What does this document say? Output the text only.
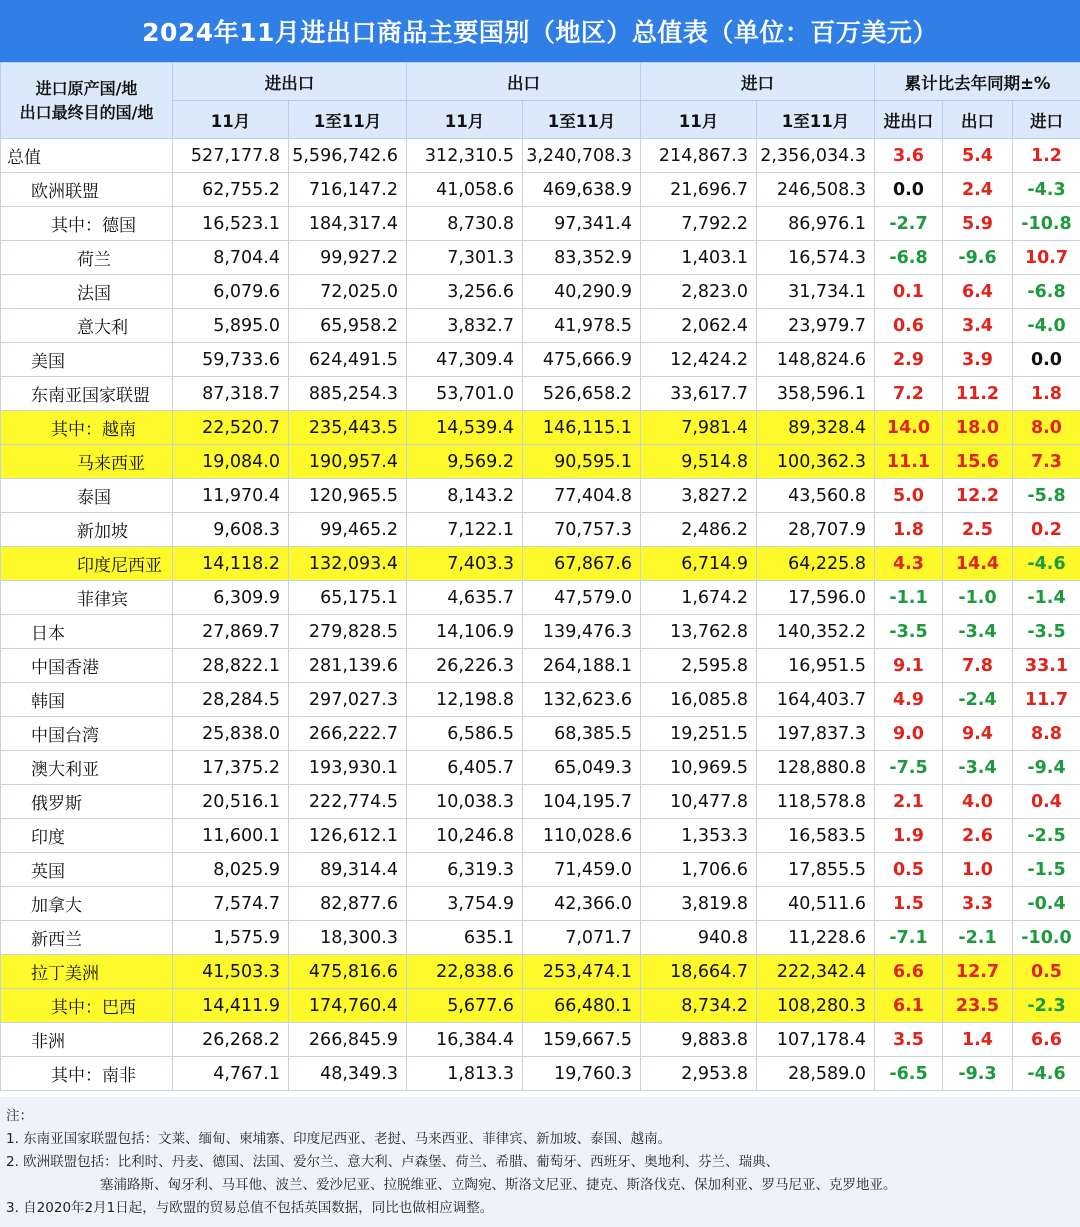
2024年11月进出口商品主要国别（地区）总值表（单位：百万美元）
进口原产国/地
出口最终目的国/地	进出口		出口		进口		累计比去年同期±%		
	11月	1至11月	11月	1至11月	11月	1至11月	进出口	出口	进口
总值	527,177.8	5,596,742.6	312,310.5	3,240,708.3	214,867.3	2,356,034.3	3.6	5.4	1.2
欧洲联盟	62,755.2	716,147.2	41,058.6	469,638.9	21,696.7	246,508.3	0.0	2.4	-4.3
其中：德国	16,523.1	184,317.4	8,730.8	97,341.4	7,792.2	86,976.1	-2.7	5.9	-10.8
荷兰	8,704.4	99,927.2	7,301.3	83,352.9	1,403.1	16,574.3	-6.8	-9.6	10.7
法国	6,079.6	72,025.0	3,256.6	40,290.9	2,823.0	31,734.1	0.1	6.4	-6.8
意大利	5,895.0	65,958.2	3,832.7	41,978.5	2,062.4	23,979.7	0.6	3.4	-4.0
美国	59,733.6	624,491.5	47,309.4	475,666.9	12,424.2	148,824.6	2.9	3.9	0.0
东南亚国家联盟	87,318.7	885,254.3	53,701.0	526,658.2	33,617.7	358,596.1	7.2	11.2	1.8
其中：越南	22,520.7	235,443.5	14,539.4	146,115.1	7,981.4	89,328.4	14.0	18.0	8.0
马来西亚	19,084.0	190,957.4	9,569.2	90,595.1	9,514.8	100,362.3	11.1	15.6	7.3
泰国	11,970.4	120,965.5	8,143.2	77,404.8	3,827.2	43,560.8	5.0	12.2	-5.8
新加坡	9,608.3	99,465.2	7,122.1	70,757.3	2,486.2	28,707.9	1.8	2.5	0.2
印度尼西亚	14,118.2	132,093.4	7,403.3	67,867.6	6,714.9	64,225.8	4.3	14.4	-4.6
菲律宾	6,309.9	65,175.1	4,635.7	47,579.0	1,674.2	17,596.0	-1.1	-1.0	-1.4
日本	27,869.7	279,828.5	14,106.9	139,476.3	13,762.8	140,352.2	-3.5	-3.4	-3.5
中国香港	28,822.1	281,139.6	26,226.3	264,188.1	2,595.8	16,951.5	9.1	7.8	33.1
韩国	28,284.5	297,027.3	12,198.8	132,623.6	16,085.8	164,403.7	4.9	-2.4	11.7
中国台湾	25,838.0	266,222.7	6,586.5	68,385.5	19,251.5	197,837.3	9.0	9.4	8.8
澳大利亚	17,375.2	193,930.1	6,405.7	65,049.3	10,969.5	128,880.8	-7.5	-3.4	-9.4
俄罗斯	20,516.1	222,774.5	10,038.3	104,195.7	10,477.8	118,578.8	2.1	4.0	0.4
印度	11,600.1	126,612.1	10,246.8	110,028.6	1,353.3	16,583.5	1.9	2.6	-2.5
英国	8,025.9	89,314.4	6,319.3	71,459.0	1,706.6	17,855.5	0.5	1.0	-1.5
加拿大	7,574.7	82,877.6	3,754.9	42,366.0	3,819.8	40,511.6	1.5	3.3	-0.4
新西兰	1,575.9	18,300.3	635.1	7,071.7	940.8	11,228.6	-7.1	-2.1	-10.0
拉丁美洲	41,503.3	475,816.6	22,838.6	253,474.1	18,664.7	222,342.4	6.6	12.7	0.5
其中：巴西	14,411.9	174,760.4	5,677.6	66,480.1	8,734.2	108,280.3	6.1	23.5	-2.3
非洲	26,268.2	266,845.9	16,384.4	159,667.5	9,883.8	107,178.4	3.5	1.4	6.6
其中：南非	4,767.1	48,349.3	1,813.3	19,760.3	2,953.8	28,589.0	-6.5	-9.3	-4.6
注：
1. 东南亚国家联盟包括：文莱、缅甸、柬埔寨、印度尼西亚、老挝、马来西亚、菲律宾、新加坡、泰国、越南。
2. 欧洲联盟包括：比利时、丹麦、德国、法国、爱尔兰、意大利、卢森堡、荷兰、希腊、葡萄牙、西班牙、奥地利、芬兰、瑞典、
塞浦路斯、匈牙利、马耳他、波兰、爱沙尼亚、拉脱维亚、立陶宛、斯洛文尼亚、捷克、斯洛伐克、保加利亚、罗马尼亚、克罗地亚。
3. 自2020年2月1日起，与欧盟的贸易总值不包括英国数据，同比也做相应调整。
